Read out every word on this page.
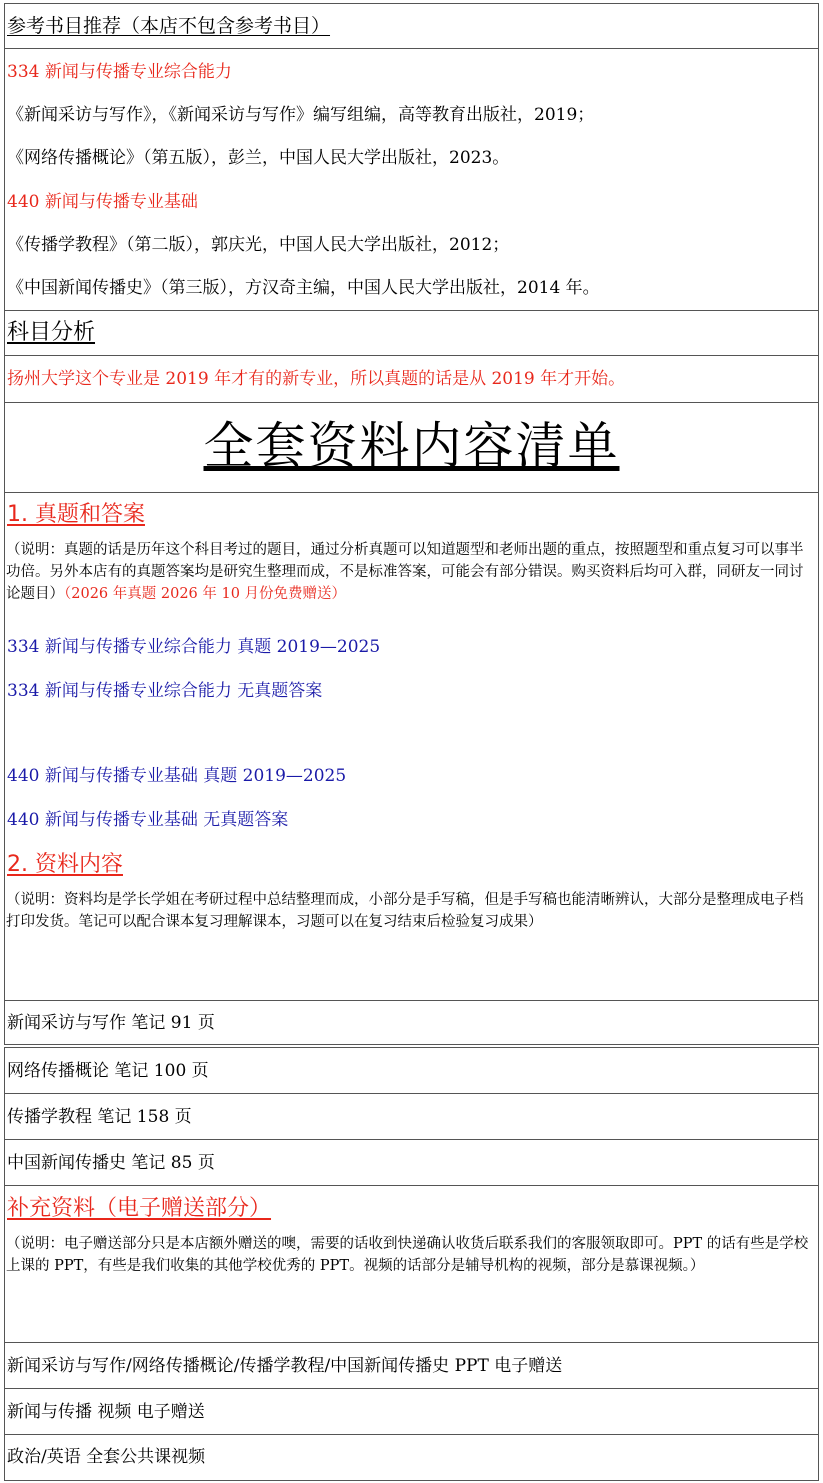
参考书目推荐（本店不包含参考书目）
334 新闻与传播专业综合能力
《新闻采访与写作》，《新闻采访与写作》编写组编，高等教育出版社，2019；
《网络传播概论》（第五版），彭兰，中国人民大学出版社，2023。
440 新闻与传播专业基础
《传播学教程》（第二版），郭庆光，中国人民大学出版社，2012；
《中国新闻传播史》（第三版），方汉奇主编，中国人民大学出版社，2014 年。
科目分析
扬州大学这个专业是 2019 年才有的新专业，所以真题的话是从 2019 年才开始。
全套资料内容清单
1. 真题和答案
（说明：真题的话是历年这个科目考过的题目，通过分析真题可以知道题型和老师出题的重点，按照题型和重点复习可以事半功倍。另外本店有的真题答案均是研究生整理而成，不是标准答案，可能会有部分错误。购买资料后均可入群，同研友一同讨论题目）（2026 年真题 2026 年 10 月份免费赠送）
334 新闻与传播专业综合能力 真题 2019—2025
334 新闻与传播专业综合能力 无真题答案
440 新闻与传播专业基础 真题 2019—2025
440 新闻与传播专业基础 无真题答案
2. 资料内容
（说明：资料均是学长学姐在考研过程中总结整理而成，小部分是手写稿，但是手写稿也能清晰辨认，大部分是整理成电子档打印发货。笔记可以配合课本复习理解课本，习题可以在复习结束后检验复习成果）
新闻采访与写作 笔记 91 页
网络传播概论 笔记 100 页
传播学教程 笔记 158 页
中国新闻传播史 笔记 85 页
补充资料（电子赠送部分）
（说明：电子赠送部分只是本店额外赠送的噢，需要的话收到快递确认收货后联系我们的客服领取即可。PPT 的话有些是学校上课的 PPT，有些是我们收集的其他学校优秀的 PPT。视频的话部分是辅导机构的视频，部分是慕课视频。）
新闻采访与写作/网络传播概论/传播学教程/中国新闻传播史 PPT 电子赠送
新闻与传播 视频 电子赠送
政治/英语 全套公共课视频
